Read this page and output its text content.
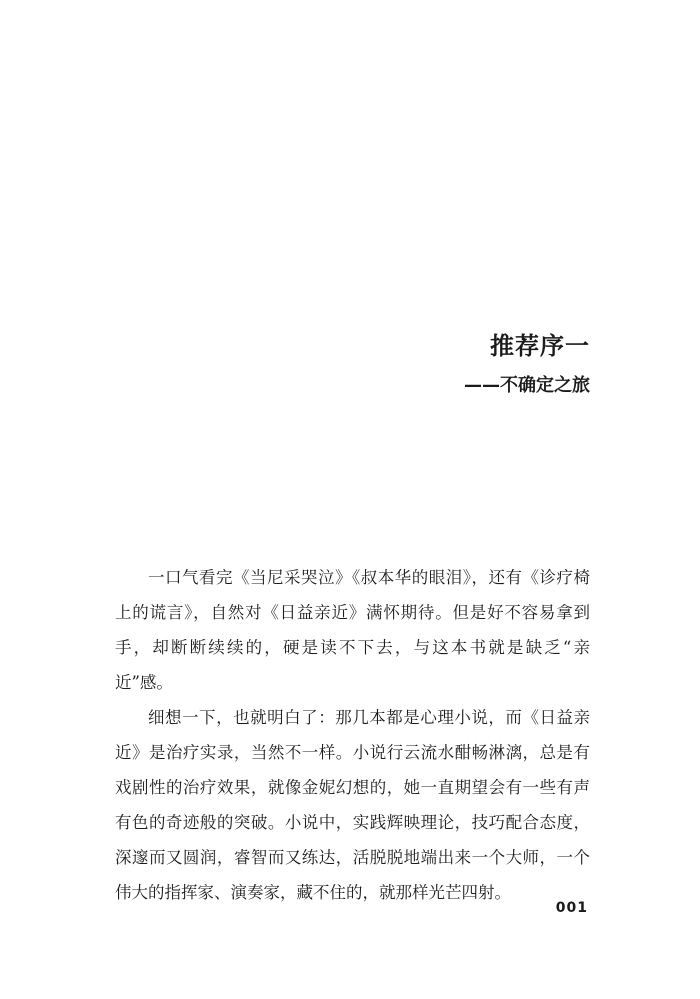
推荐序一
——不确定之旅

一口气看完《当尼采哭泣》《叔本华的眼泪》，还有《诊疗椅上的谎言》，自然对《日益亲近》满怀期待。但是好不容易拿到手，却断断续续的，硬是读不下去，与这本书就是缺乏“亲近”感。

细想一下，也就明白了：那几本都是心理小说，而《日益亲近》是治疗实录，当然不一样。小说行云流水酣畅淋漓，总是有戏剧性的治疗效果，就像金妮幻想的，她一直期望会有一些有声有色的奇迹般的突破。小说中，实践辉映理论，技巧配合态度，深邃而又圆润，睿智而又练达，活脱脱地端出来一个大师，一个伟大的指挥家、演奏家，藏不住的，就那样光芒四射。

001
